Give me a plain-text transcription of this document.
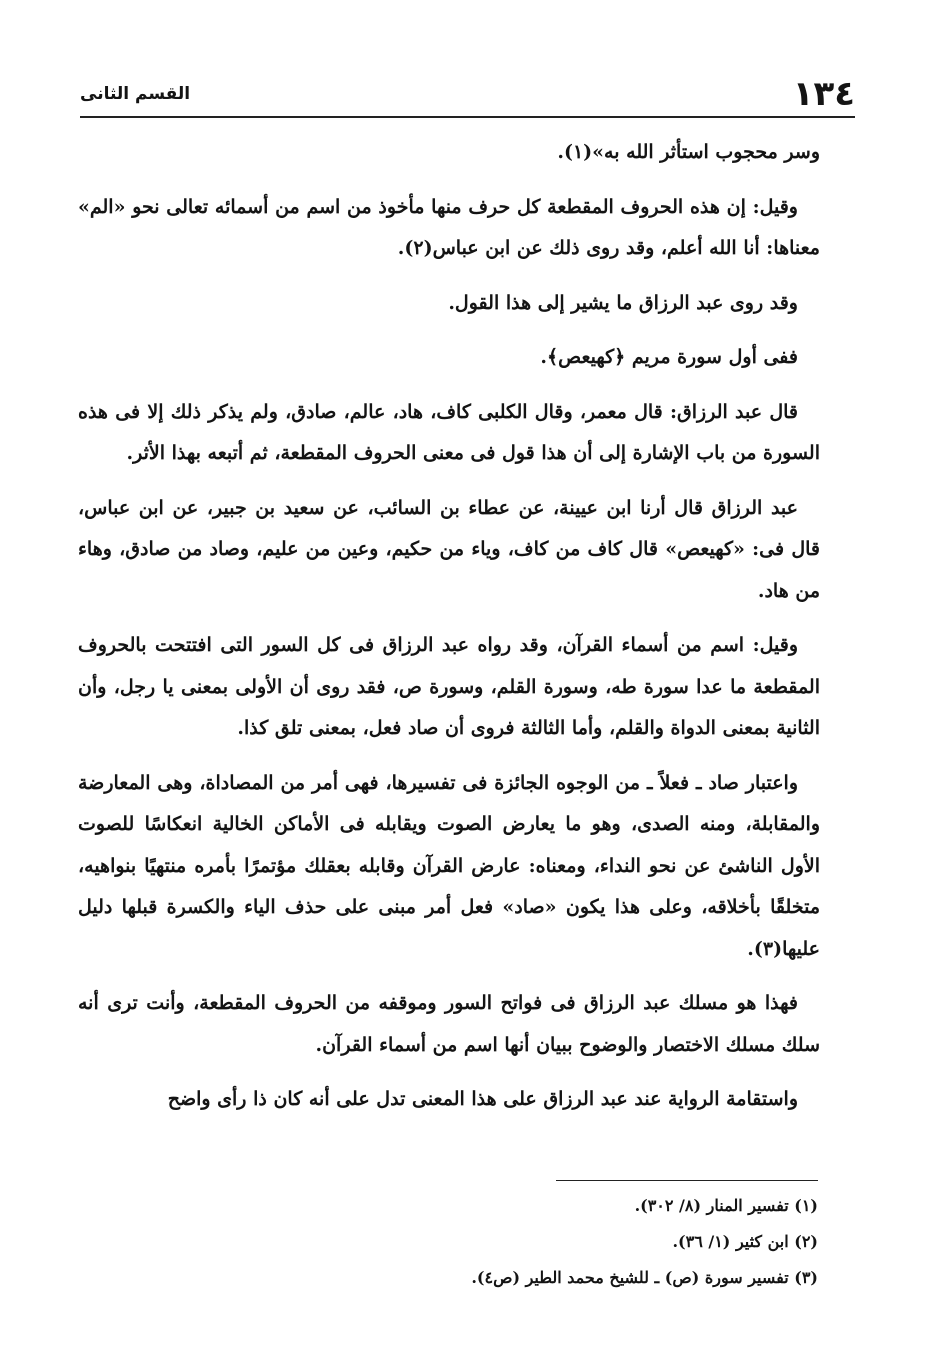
١٣٤
القسم الثانى

وسر محجوب استأثر الله به»(١).

وقيل: إن هذه الحروف المقطعة كل حرف منها مأخوذ من اسم من أسمائه تعالى نحو «الم» معناها: أنا الله أعلم، وقد روى ذلك عن ابن عباس(٢).

وقد روى عبد الرزاق ما يشير إلى هذا القول.

ففى أول سورة مريم ﴿كهيعص﴾.

قال عبد الرزاق: قال معمر، وقال الكلبى كاف، هاد، عالم، صادق، ولم يذكر ذلك إلا فى هذه السورة من باب الإشارة إلى أن هذا قول فى معنى الحروف المقطعة، ثم أتبعه بهذا الأثر.

عبد الرزاق قال أرنا ابن عيينة، عن عطاء بن السائب، عن سعيد بن جبير، عن ابن عباس، قال فى: «كهيعص» قال كاف من كاف، وياء من حكيم، وعين من عليم، وصاد من صادق، وهاء من هاد.

وقيل: اسم من أسماء القرآن، وقد رواه عبد الرزاق فى كل السور التى افتتحت بالحروف المقطعة ما عدا سورة طه، وسورة القلم، وسورة ص، فقد روى أن الأولى بمعنى يا رجل، وأن الثانية بمعنى الدواة والقلم، وأما الثالثة فروى أن صاد فعل، بمعنى تلق كذا.

واعتبار صاد ـ فعلاً ـ من الوجوه الجائزة فى تفسيرها، فهى أمر من المصاداة، وهى المعارضة والمقابلة، ومنه الصدى، وهو ما يعارض الصوت ويقابله فى الأماكن الخالية انعكاسًا للصوت الأول الناشئ عن نحو النداء، ومعناه: عارض القرآن وقابله بعقلك مؤتمرًا بأمره منتهيًا بنواهيه، متخلقًا بأخلاقه، وعلى هذا يكون «صاد» فعل أمر مبنى على حذف الياء والكسرة قبلها دليل عليها(٣).

فهذا هو مسلك عبد الرزاق فى فواتح السور وموقفه من الحروف المقطعة، وأنت ترى أنه سلك مسلك الاختصار والوضوح ببيان أنها اسم من أسماء القرآن.

واستقامة الرواية عند عبد الرزاق على هذا المعنى تدل على أنه كان ذا رأى واضح

(١) تفسير المنار (٨/ ٣٠٢).

(٢) ابن كثير (١/ ٣٦).

(٣) تفسير سورة (ص) ـ للشيخ محمد الطير (ص٤).
